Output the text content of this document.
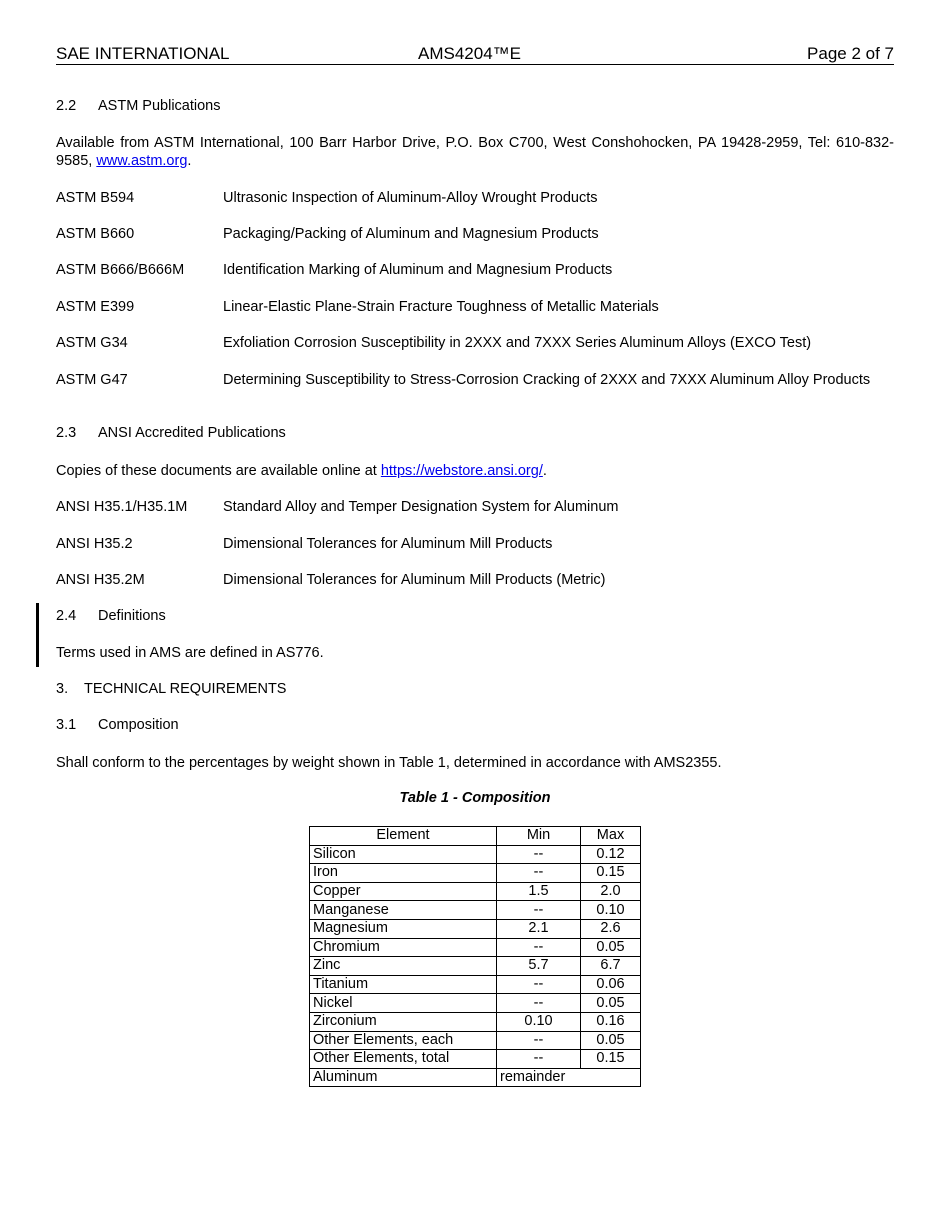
SAE INTERNATIONAL	AMS4204™E	Page 2 of 7
2.2 ASTM Publications
Available from ASTM International, 100 Barr Harbor Drive, P.O. Box C700, West Conshohocken, PA 19428-2959, Tel: 610-832-9585, www.astm.org.
ASTM B594	Ultrasonic Inspection of Aluminum-Alloy Wrought Products
ASTM B660	Packaging/Packing of Aluminum and Magnesium Products
ASTM B666/B666M	Identification Marking of Aluminum and Magnesium Products
ASTM E399	Linear-Elastic Plane-Strain Fracture Toughness of Metallic Materials
ASTM G34	Exfoliation Corrosion Susceptibility in 2XXX and 7XXX Series Aluminum Alloys (EXCO Test)
ASTM G47	Determining Susceptibility to Stress-Corrosion Cracking of 2XXX and 7XXX Aluminum Alloy Products
2.3 ANSI Accredited Publications
Copies of these documents are available online at https://webstore.ansi.org/.
ANSI H35.1/H35.1M Standard Alloy and Temper Designation System for Aluminum
ANSI H35.2	Dimensional Tolerances for Aluminum Mill Products
ANSI H35.2M	Dimensional Tolerances for Aluminum Mill Products (Metric)
2.4 Definitions
Terms used in AMS are defined in AS776.
3. TECHNICAL REQUIREMENTS
3.1 Composition
Shall conform to the percentages by weight shown in Table 1, determined in accordance with AMS2355.
Table 1 - Composition
Element	Min	Max
Silicon	--	0.12
Iron	--	0.15
Copper	1.5	2.0
Manganese	--	0.10
Magnesium	2.1	2.6
Chromium	--	0.05
Zinc	5.7	6.7
Titanium	--	0.06
Nickel	--	0.05
Zirconium	0.10	0.16
Other Elements, each	--	0.05
Other Elements, total	--	0.15
Aluminum	remainder	
